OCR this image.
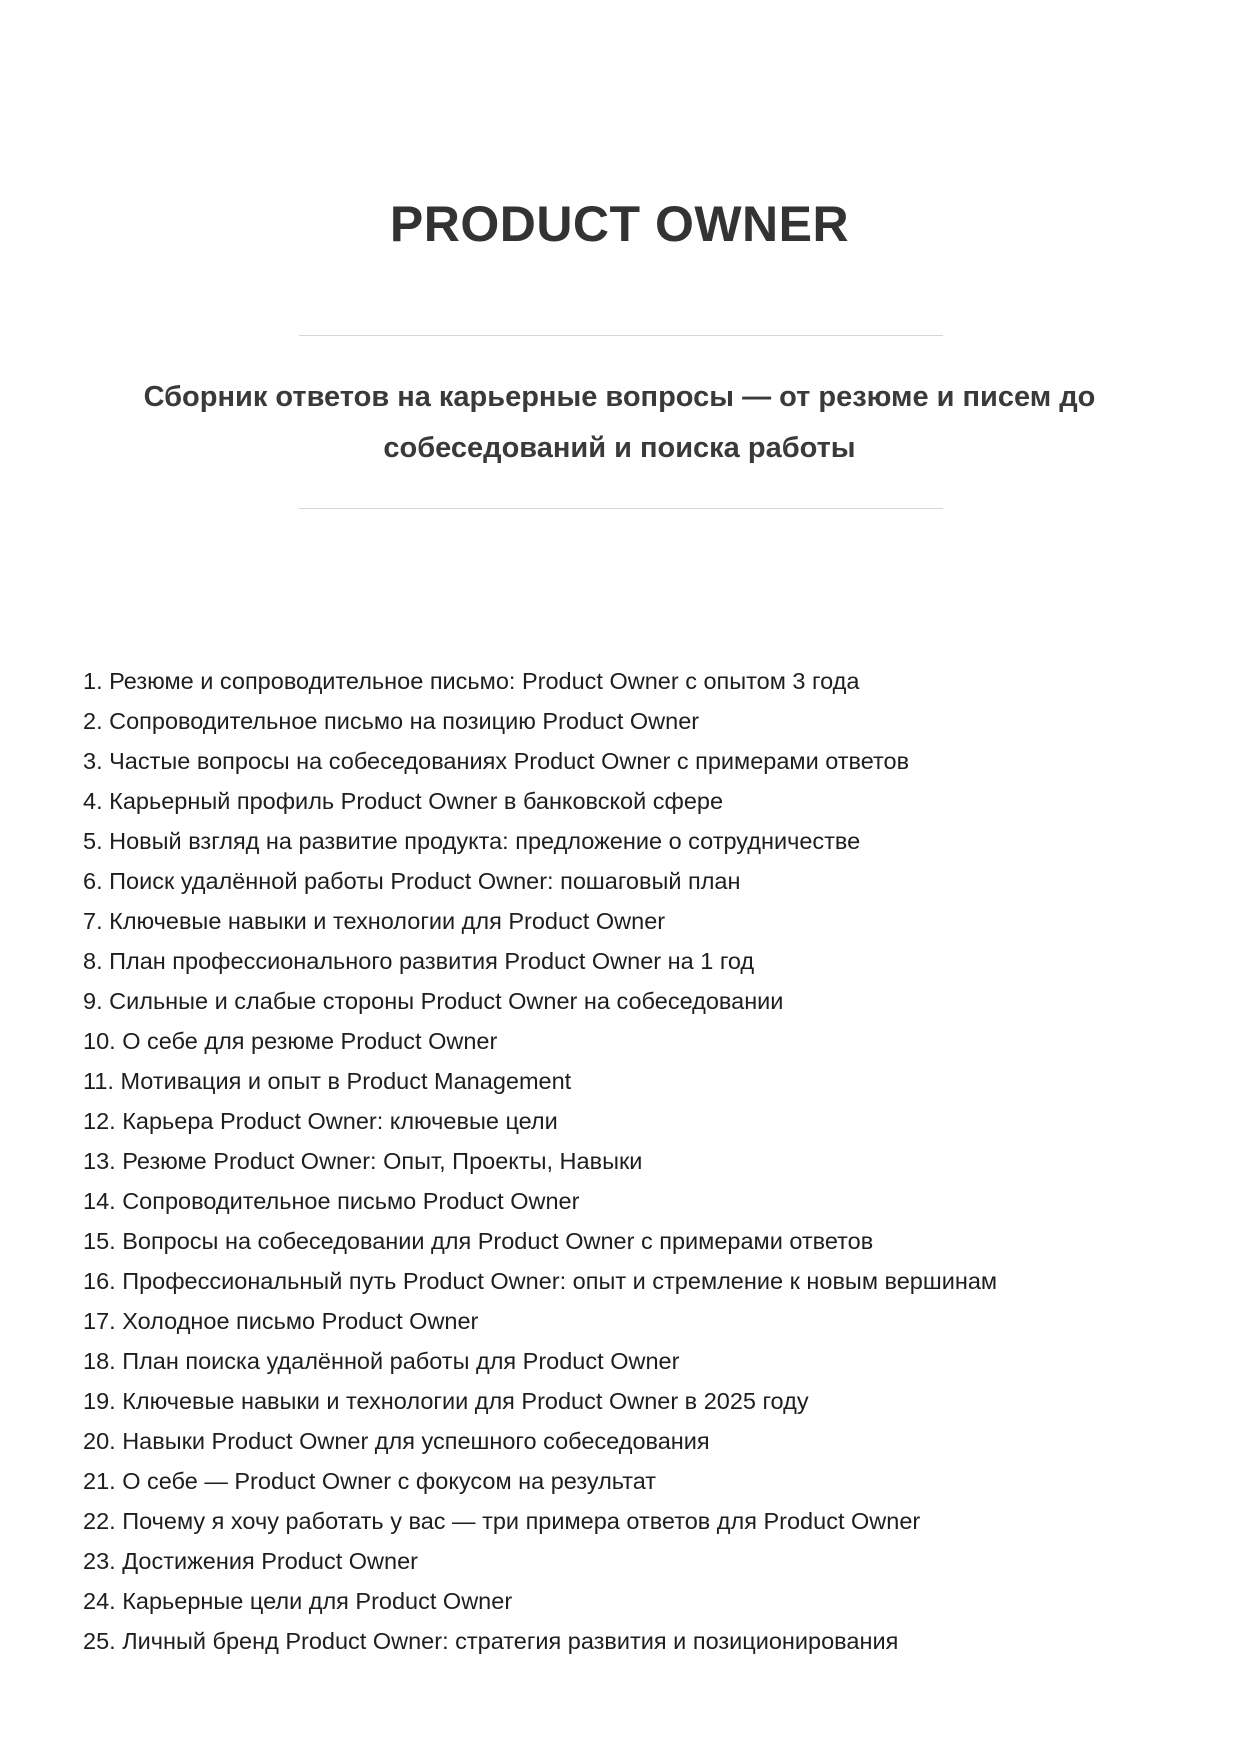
PRODUCT OWNER

Сборник ответов на карьерные вопросы — от резюме и писем до собеседований и поиска работы

1. Резюме и сопроводительное письмо: Product Owner с опытом 3 года
2. Сопроводительное письмо на позицию Product Owner
3. Частые вопросы на собеседованиях Product Owner с примерами ответов
4. Карьерный профиль Product Owner в банковской сфере
5. Новый взгляд на развитие продукта: предложение о сотрудничестве
6. Поиск удалённой работы Product Owner: пошаговый план
7. Ключевые навыки и технологии для Product Owner
8. План профессионального развития Product Owner на 1 год
9. Сильные и слабые стороны Product Owner на собеседовании
10. О себе для резюме Product Owner
11. Мотивация и опыт в Product Management
12. Карьера Product Owner: ключевые цели
13. Резюме Product Owner: Опыт, Проекты, Навыки
14. Сопроводительное письмо Product Owner
15. Вопросы на собеседовании для Product Owner с примерами ответов
16. Профессиональный путь Product Owner: опыт и стремление к новым вершинам
17. Холодное письмо Product Owner
18. План поиска удалённой работы для Product Owner
19. Ключевые навыки и технологии для Product Owner в 2025 году
20. Навыки Product Owner для успешного собеседования
21. О себе — Product Owner с фокусом на результат
22. Почему я хочу работать у вас — три примера ответов для Product Owner
23. Достижения Product Owner
24. Карьерные цели для Product Owner
25. Личный бренд Product Owner: стратегия развития и позиционирования
